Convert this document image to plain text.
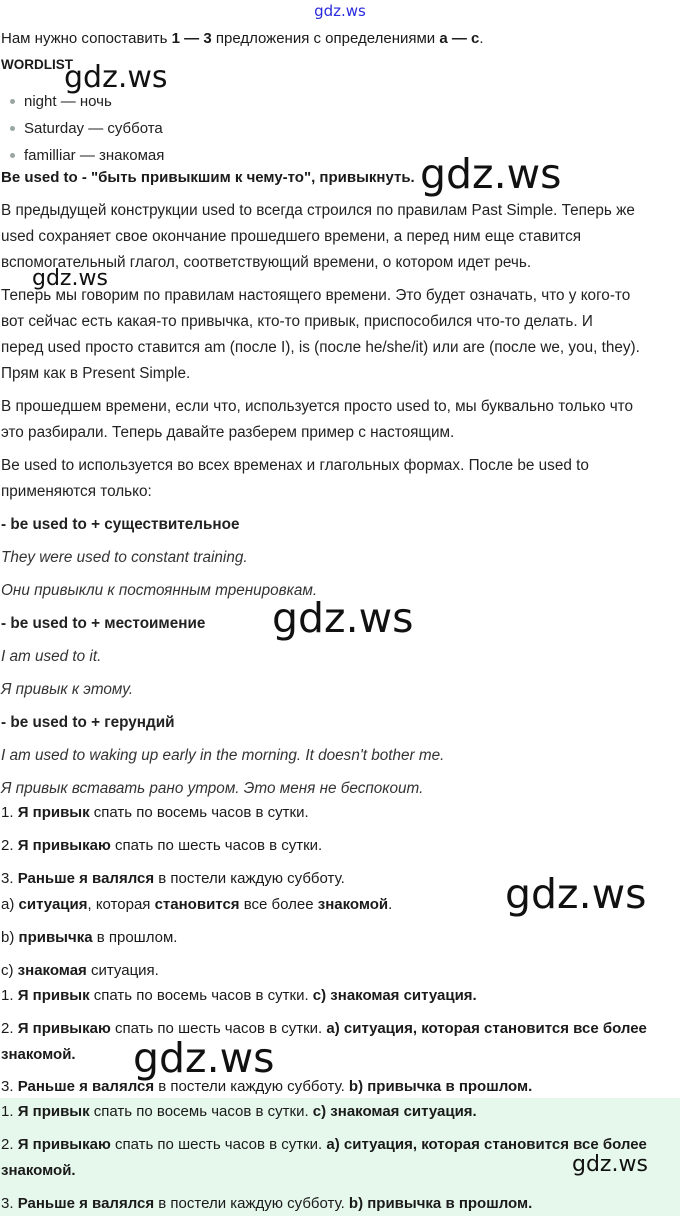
gdz.ws
Нам нужно сопоставить 1 — 3 предложения с определениями a — c.
WORDLIST
gdz.ws
night — ночь
Saturday — суббота
familliar — знакомая
Be used to - "быть привыкшим к чему-то", привыкнуть. gdz.ws
В предыдущей конструкции used to всегда строился по правилам Past Simple. Теперь же
used сохраняет свое окончание прошедшего времени, а перед ним еще ставится
вспомогательный глагол, соответствующий времени, о котором идет речь.
gdz.ws
Теперь мы говорим по правилам настоящего времени. Это будет означать, что у кого-то
вот сейчас есть какая-то привычка, кто-то привык, приспособился что-то делать. И
перед used просто ставится am (после I), is (после he/she/it) или are (после we, you, they).
Прям как в Present Simple.
В прошедшем времени, если что, используется просто used to, мы буквально только что
это разбирали. Теперь давайте разберем пример с настоящим.
Be used to используется во всех временах и глагольных формах. После be used to
применяются только:
- be used to + существительное
They were used to constant training.
Они привыкли к постоянным тренировкам.
- be used to + местоимение gdz.ws
I am used to it.
Я привык к этому.
- be used to + герундий
I am used to waking up early in the morning. It doesn't bother me.
Я привык вставать рано утром. Это меня не беспокоит.
1. Я привык спать по восемь часов в сутки.
2. Я привыкаю спать по шесть часов в сутки.
3. Раньше я валялся в постели каждую субботу.	gdz.ws
a) ситуация, которая становится все более знакомой.
b) привычка в прошлом.
c) знакомая ситуация.
1. Я привык спать по восемь часов в сутки. c) знакомая ситуация.
2. Я привыкаю спать по шесть часов в сутки. a) ситуация, которая становится все более
знакомой. gdz.ws
3. Раньше я валялся в постели каждую субботу. b) привычка в прошлом.
1. Я привык спать по восемь часов в сутки. c) знакомая ситуация.
2. Я привыкаю спать по шесть часов в сутки. a) ситуация, которая становится все более
знакомой.	gdz.ws
3. Раньше я валялся в постели каждую субботу. b) привычка в прошлом.
